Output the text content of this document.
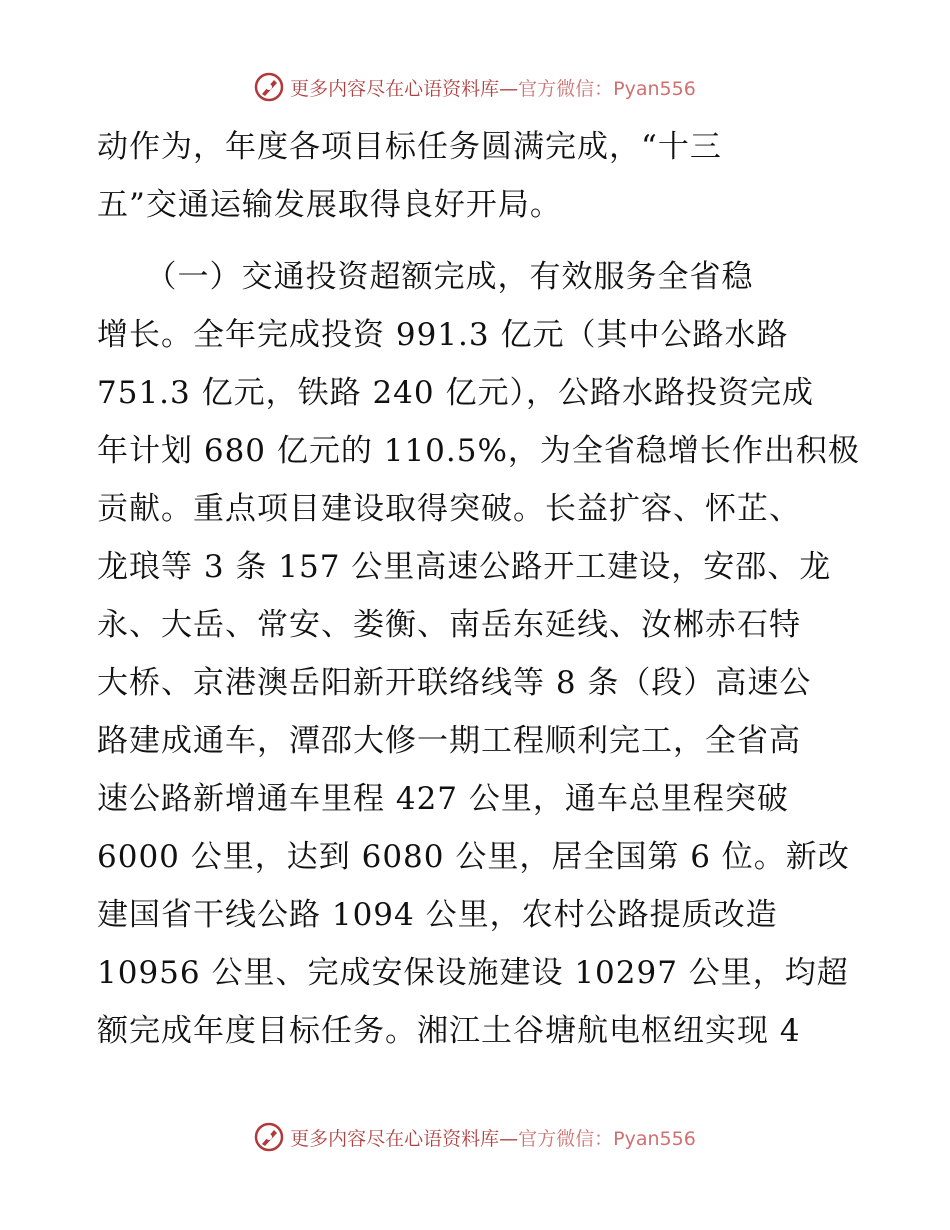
更多内容尽在心语资料库—官方微信：Pyan556
动作为，年度各项目标任务圆满完成，“十三
五”交通运输发展取得良好开局。
　　（一）交通投资超额完成，有效服务全省稳
增长。全年完成投资 991.3 亿元（其中公路水路
751.3 亿元，铁路 240 亿元），公路水路投资完成
年计划 680 亿元的 110.5%，为全省稳增长作出积极
贡献。重点项目建设取得突破。长益扩容、怀芷、
龙琅等 3 条 157 公里高速公路开工建设，安邵、龙
永、大岳、常安、娄衡、南岳东延线、汝郴赤石特
大桥、京港澳岳阳新开联络线等 8 条（段）高速公
路建成通车，潭邵大修一期工程顺利完工，全省高
速公路新增通车里程 427 公里，通车总里程突破
6000 公里，达到 6080 公里，居全国第 6 位。新改
建国省干线公路 1094 公里，农村公路提质改造
10956 公里、完成安保设施建设 10297 公里，均超
额完成年度目标任务。湘江土谷塘航电枢纽实现 4
更多内容尽在心语资料库—官方微信：Pyan556
